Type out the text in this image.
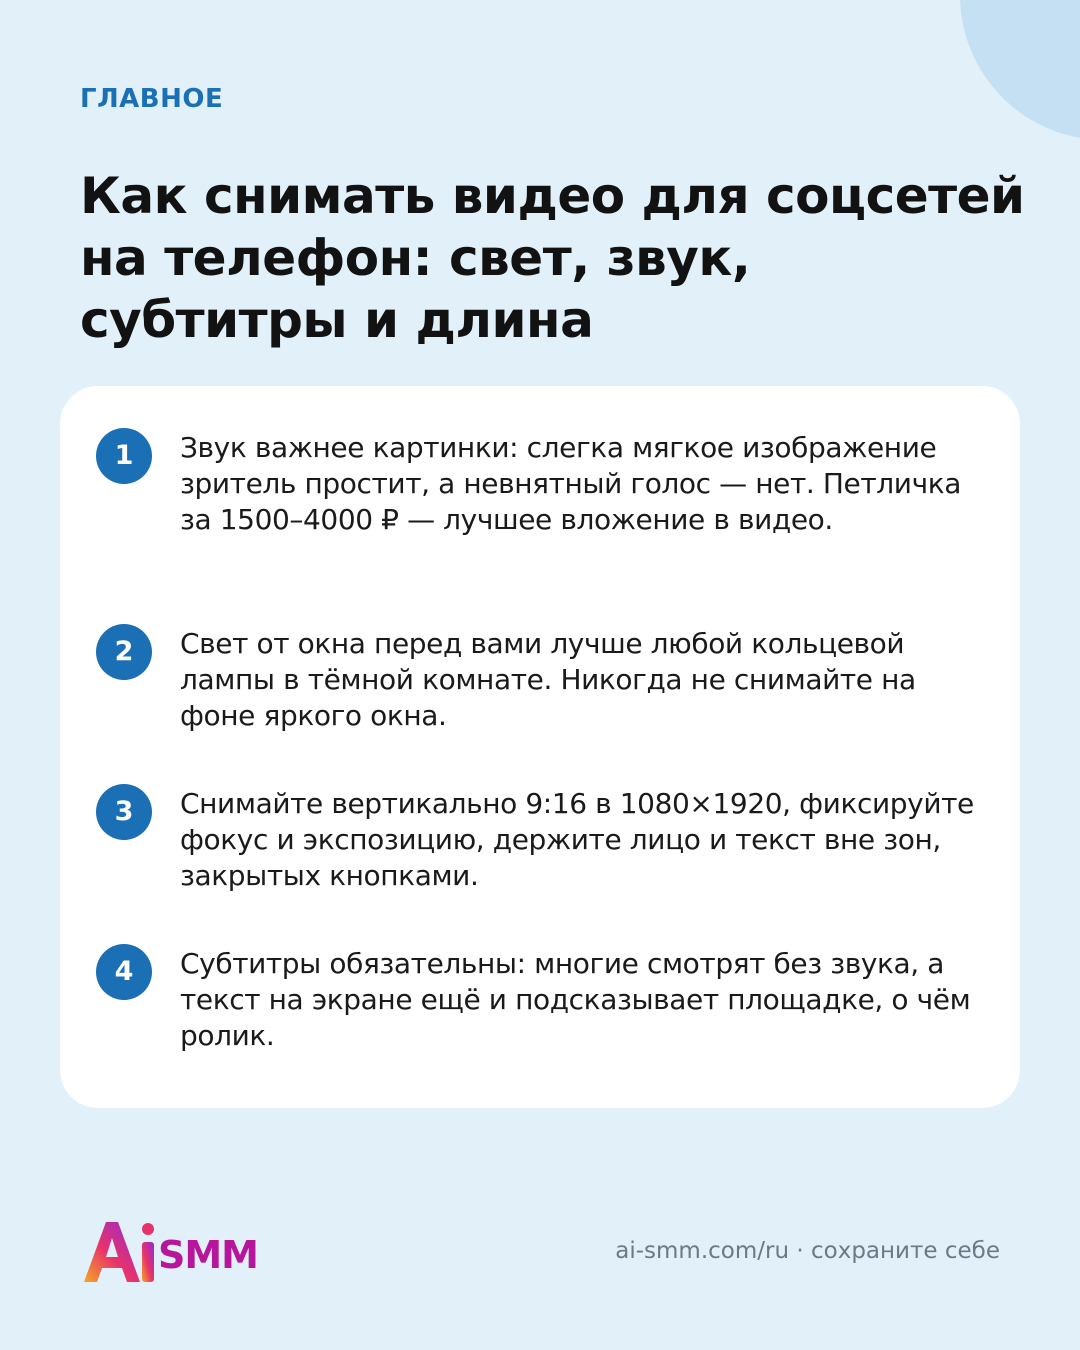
ГЛАВНОЕ
Как снимать видео для соцсетей на телефон: свет, звук, субтитры и длина
1	Звук важнее картинки: слегка мягкое изображение зритель простит, а невнятный голос — нет. Петличка за 1500–4000 ₽ — лучшее вложение в видео.

2	Свет от окна перед вами лучше любой кольцевой лампы в тёмной комнате. Никогда не снимайте на фоне яркого окна.

3	Снимайте вертикально 9:16 в 1080×1920, фиксируйте фокус и экспозицию, держите лицо и текст вне зон, закрытых кнопками.

4	Субтитры обязательны: многие смотрят без звука, а текст на экране ещё и подсказывает площадке, о чём ролик.

SMM	ai-smm.com/ru · сохраните себе
